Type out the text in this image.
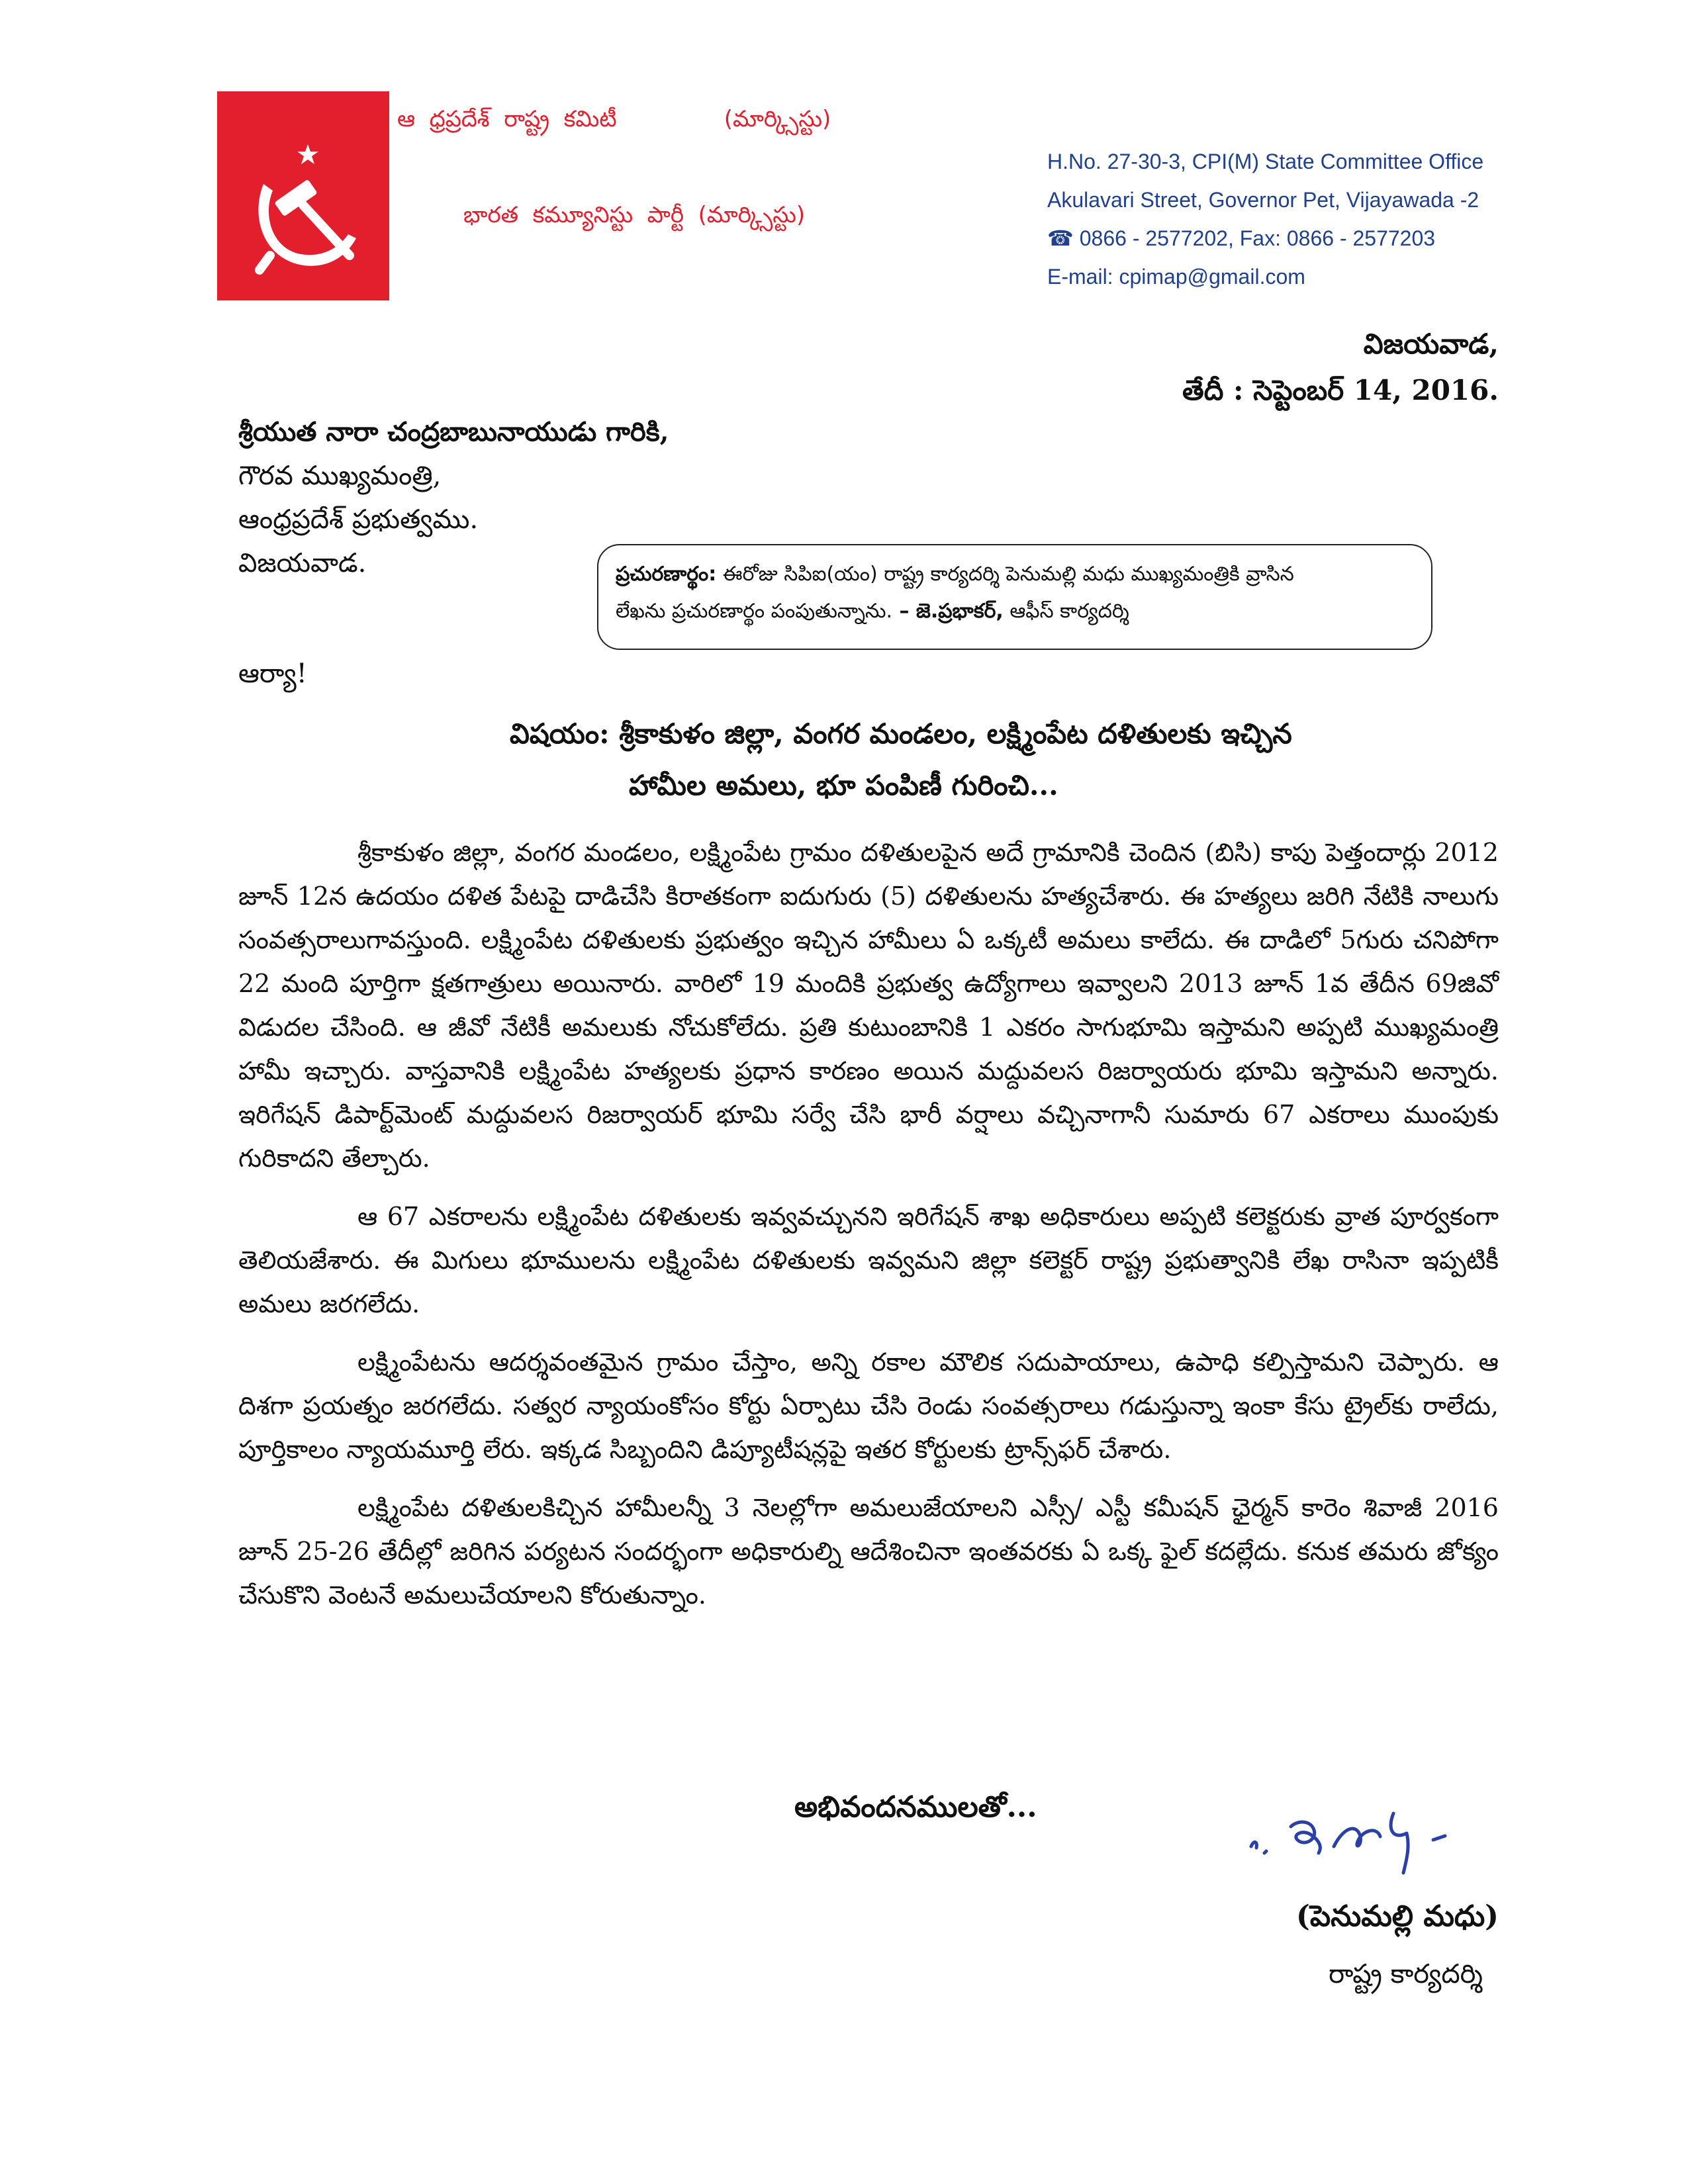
ఆ  ధ్రప్రదేశ్  రాష్ట్ర  కమిటీ               (మార్క్సిస్టు)
భారత  కమ్యూనిస్టు  పార్టీ  (మార్క్సిస్టు)
H.No. 27-30-3, CPI(M) State Committee Office
Akulavari Street, Governor Pet, Vijayawada -2
☎ 0866 - 2577202, Fax: 0866 - 2577203
E-mail: cpimap@gmail.com
విజయవాడ,
తేదీ : సెప్టెంబర్ 14, 2016.
శ్రీయుత నారా చంద్రబాబునాయుడు గారికి,
గౌరవ ముఖ్యమంత్రి,
ఆంధ్రప్రదేశ్ ప్రభుత్వము.
విజయవాడ.	ప్రచురణార్థం: ఈరోజు సిపిఐ(యం) రాష్ట్ర కార్యదర్శి పెనుమల్లి మధు ముఖ్యమంత్రికి వ్రాసిన
లేఖను ప్రచురణార్థం పంపుతున్నాను. – జె.ప్రభాకర్, ఆఫీస్ కార్యదర్శి
ఆర్యా!
విషయం: శ్రీకాకుళం జిల్లా, వంగర మండలం, లక్ష్మింపేట దళితులకు ఇచ్చిన
హామీల అమలు, భూ పంపిణీ గురించి...

శ్రీకాకుళం జిల్లా, వంగర మండలం, లక్ష్మింపేట గ్రామం దళితులపైన అదే గ్రామానికి చెందిన (బిసి) కాపు పెత్తందార్లు 2012 జూన్ 12న ఉదయం దళిత పేటపై దాడిచేసి కిరాతకంగా ఐదుగురు (5) దళితులను హత్యచేశారు. ఈ హత్యలు జరిగి నేటికి నాలుగు సంవత్సరాలుగావస్తుంది. లక్ష్మింపేట దళితులకు ప్రభుత్వం ఇచ్చిన హామీలు ఏ ఒక్కటీ అమలు కాలేదు. ఈ దాడిలో 5గురు చనిపోగా 22 మంది పూర్తిగా క్షతగాత్రులు అయినారు. వారిలో 19 మందికి ప్రభుత్వ ఉద్యోగాలు ఇవ్వాలని 2013 జూన్ 1వ తేదీన 69జివో విడుదల చేసింది. ఆ జీవో నేటికీ అమలుకు నోచుకోలేదు. ప్రతి కుటుంబానికి 1 ఎకరం సాగుభూమి ఇస్తామని అప్పటి ముఖ్యమంత్రి హామీ ఇచ్చారు. వాస్తవానికి లక్ష్మింపేట హత్యలకు ప్రధాన కారణం అయిన మద్దువలస రిజర్వాయరు భూమి ఇస్తామని అన్నారు. ఇరిగేషన్ డిపార్ట్‌మెంట్ మద్దువలస రిజర్వాయర్ భూమి సర్వే చేసి భారీ వర్షాలు వచ్చినాగానీ సుమారు 67 ఎకరాలు ముంపుకు గురికాదని తేల్చారు.

ఆ 67 ఎకరాలను లక్ష్మింపేట దళితులకు ఇవ్వవచ్చునని ఇరిగేషన్ శాఖ అధికారులు అప్పటి కలెక్టరుకు వ్రాత పూర్వకంగా తెలియజేశారు. ఈ మిగులు భూములను లక్ష్మింపేట దళితులకు ఇవ్వమని జిల్లా కలెక్టర్ రాష్ట్ర ప్రభుత్వానికి లేఖ రాసినా ఇప్పటికీ అమలు జరగలేదు.

లక్ష్మింపేటను ఆదర్శవంతమైన గ్రామం చేస్తాం, అన్ని రకాల మౌలిక సదుపాయాలు, ఉపాధి కల్పిస్తామని చెప్పారు. ఆ దిశగా ప్రయత్నం జరగలేదు. సత్వర న్యాయంకోసం కోర్టు ఏర్పాటు చేసి రెండు సంవత్సరాలు గడుస్తున్నా ఇంకా కేసు ట్రైల్‌కు రాలేదు, పూర్తికాలం న్యాయమూర్తి లేరు. ఇక్కడ సిబ్బందిని డిప్యూటీషన్లపై ఇతర కోర్టులకు ట్రాన్స్‌ఫర్ చేశారు.

లక్ష్మింపేట దళితులకిచ్చిన హామీలన్నీ 3 నెలల్లోగా అమలుజేయాలని ఎస్సీ/ ఎస్టీ కమీషన్ ఛైర్మన్ కారెం శివాజీ 2016 జూన్ 25-26 తేదీల్లో జరిగిన పర్యటన సందర్భంగా అధికారుల్ని ఆదేశించినా ఇంతవరకు ఏ ఒక్క ఫైల్ కదల్లేదు. కనుక తమరు జోక్యం చేసుకొని వెంటనే అమలుచేయాలని కోరుతున్నాం.

అభివందనములతో...
(పెనుమల్లి మధు)
రాష్ట్ర కార్యదర్శి
